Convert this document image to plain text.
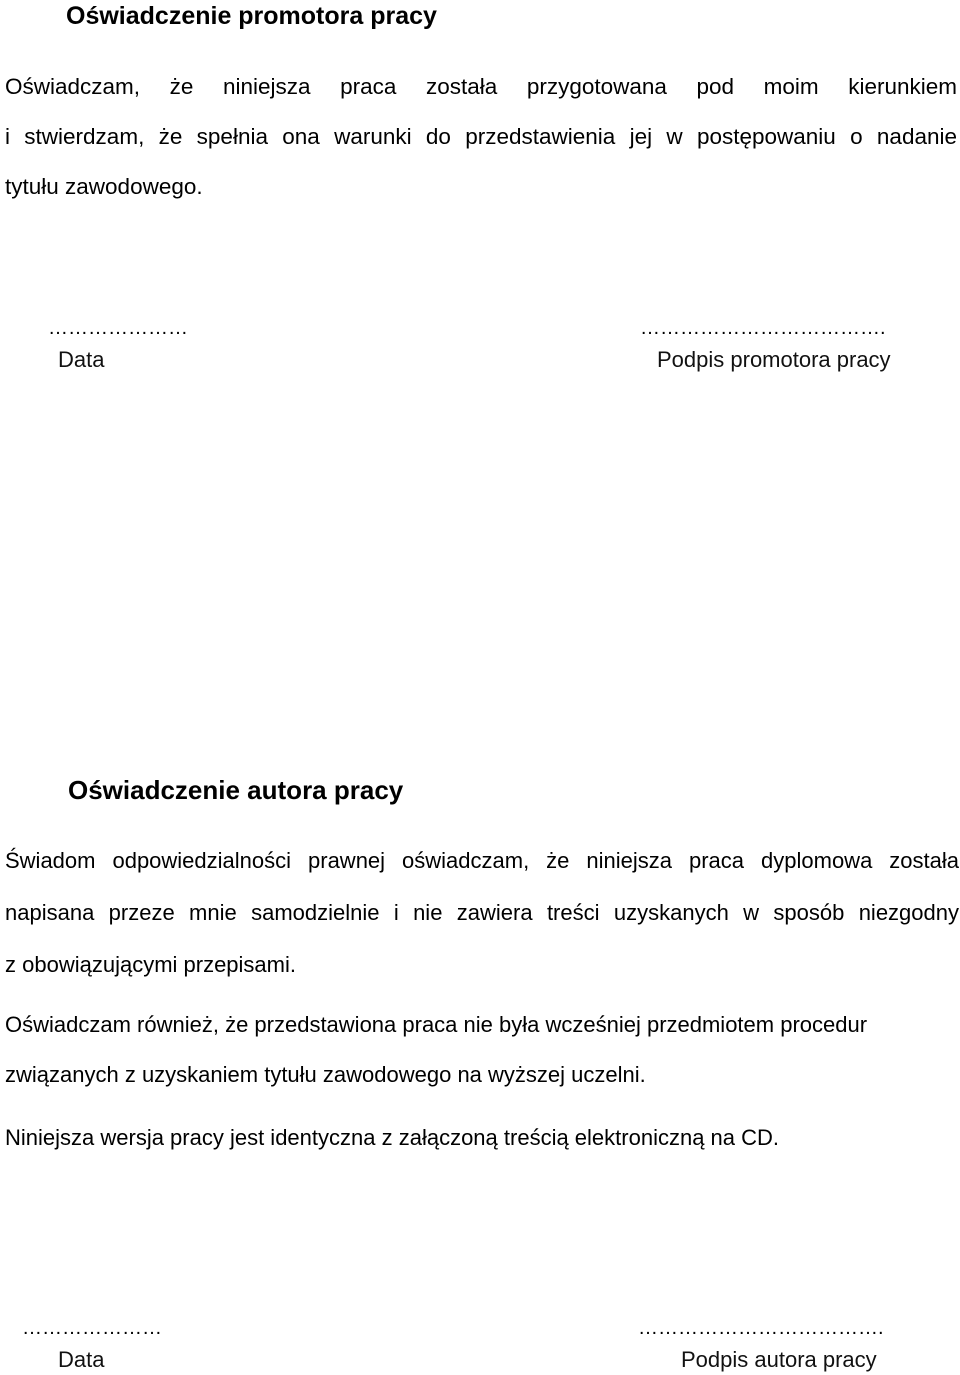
Oświadczenie promotora pracy
Oświadczam, że niniejsza praca została przygotowana pod moim kierunkiem
i stwierdzam, że spełnia ona warunki do przedstawienia jej w postępowaniu o nadanie
tytułu zawodowego.
…………………
Data
……………………………….
Podpis promotora pracy
Oświadczenie autora pracy
Świadom odpowiedzialności prawnej oświadczam, że niniejsza praca dyplomowa została
napisana przeze mnie samodzielnie i nie zawiera treści uzyskanych w sposób niezgodny
z obowiązującymi przepisami.
Oświadczam również, że przedstawiona praca nie była wcześniej przedmiotem procedur
związanych z uzyskaniem tytułu zawodowego na wyższej uczelni.
Niniejsza wersja pracy jest identyczna z załączoną treścią elektroniczną na CD.
…………………
Data
……………………………….
Podpis autora pracy
